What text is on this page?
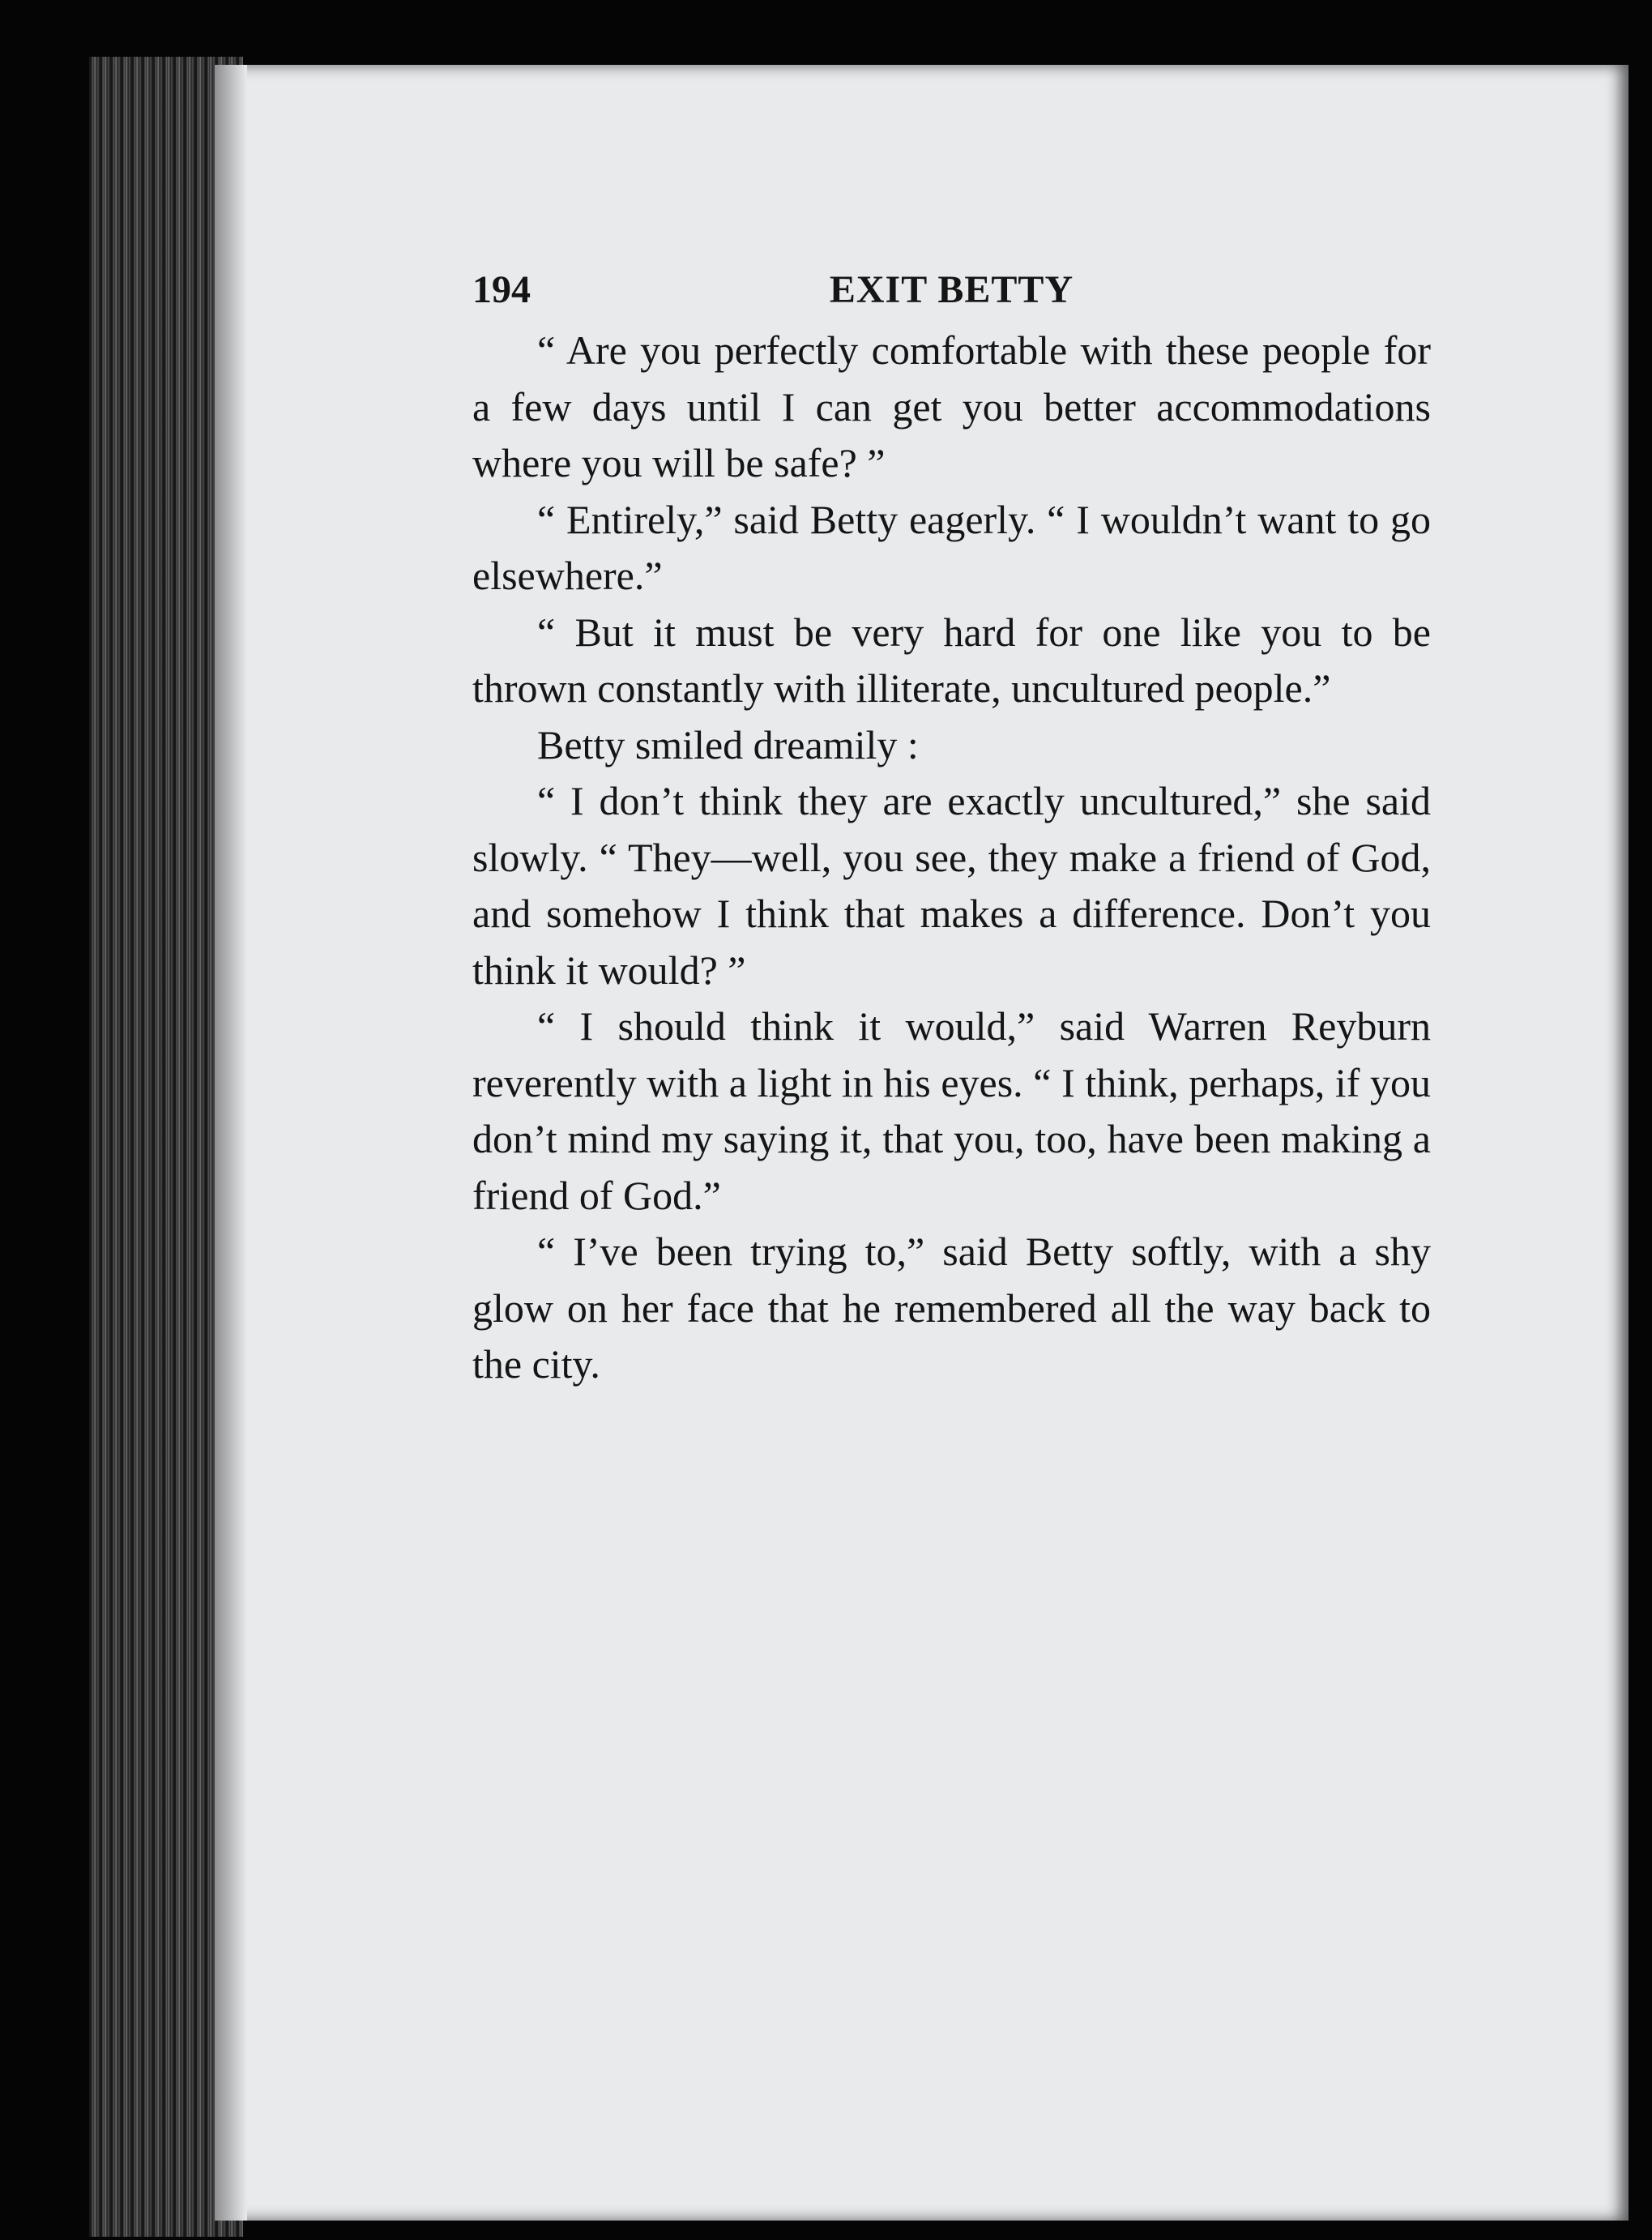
194	EXIT BETTY

“ Are you perfectly comfortable with these people for a few days until I can get you better accommodations where you will be safe? ”

“ Entirely,” said Betty eagerly. “ I wouldn’t want to go elsewhere.”

“ But it must be very hard for one like you to be thrown constantly with illiterate, uncultured people.”

Betty smiled dreamily :

“ I don’t think they are exactly uncultured,” she said slowly. “ They—well, you see, they make a friend of God, and somehow I think that makes a difference. Don’t you think it would? ”

“ I should think it would,” said Warren Reyburn reverently with a light in his eyes. “ I think, perhaps, if you don’t mind my saying it, that you, too, have been making a friend of God.”

“ I’ve been trying to,” said Betty softly, with a shy glow on her face that he remembered all the way back to the city.
